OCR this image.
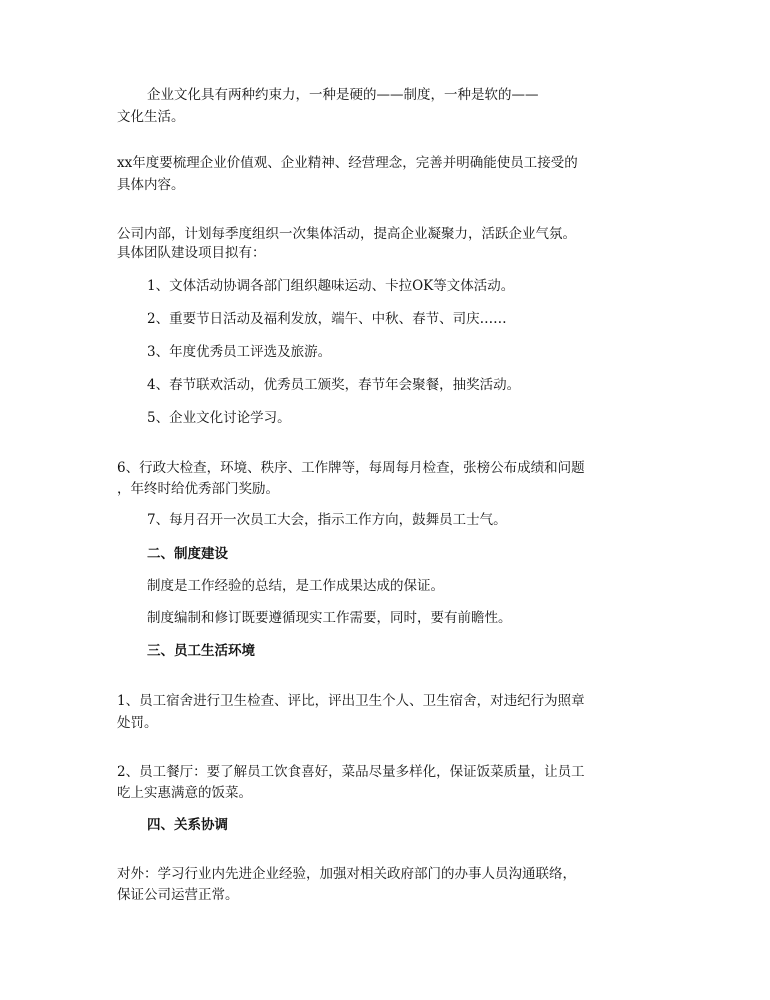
企业文化具有两种约束力，一种是硬的——制度，一种是软的——
文化生活。
xx年度要梳理企业价值观、企业精神、经营理念，完善并明确能使员工接受的
具体内容。
公司内部，计划每季度组织一次集体活动，提高企业凝聚力，活跃企业气氛。
具体团队建设项目拟有：
1、文体活动协调各部门组织趣味运动、卡拉OK等文体活动。
2、重要节日活动及福利发放，端午、中秋、春节、司庆……
3、年度优秀员工评选及旅游。
4、春节联欢活动，优秀员工颁奖，春节年会聚餐，抽奖活动。
5、企业文化讨论学习。
6、行政大检查，环境、秩序、工作牌等，每周每月检查，张榜公布成绩和问题
，年终时给优秀部门奖励。
7、每月召开一次员工大会，指示工作方向，鼓舞员工士气。
二、制度建设
制度是工作经验的总结，是工作成果达成的保证。
制度编制和修订既要遵循现实工作需要，同时，要有前瞻性。
三、员工生活环境
1、员工宿舍进行卫生检查、评比，评出卫生个人、卫生宿舍，对违纪行为照章
处罚。
2、员工餐厅：要了解员工饮食喜好，菜品尽量多样化，保证饭菜质量，让员工
吃上实惠满意的饭菜。
四、关系协调
对外：学习行业内先进企业经验，加强对相关政府部门的办事人员沟通联络，
保证公司运营正常。
